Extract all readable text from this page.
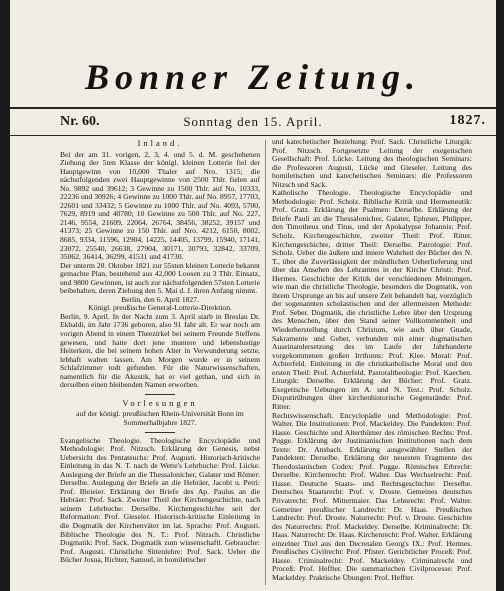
Bonner Zeitung.
Nr. 60.	Sonntag den 15. April.	1827.

Inland.

Bei der am 31. vorigen, 2, 3, 4. und 5. d. M. geschehenen Ziehung der 5ten Klasse der königl. kleinen Lotterie fiel der Hauptgewinn von 10,000 Thaler auf Nro. 1315; die nächstfolgenden zwei Hauptgewinne von 2500 Thlr. fielen auf No. 9892 und 39612; 3 Gewinne zu 1500 Thlr. auf No. 10333, 22236 und 30926; 4 Gewinne zu 1000 Thlr. auf No. 8957, 17703, 22601 und 33432; 5 Gewinne zu 1000 Thlr. auf No. 4093, 5700, 7629, 8919 und 40780; 10 Gewinne zu 500 Thlr. auf No. 227, 2146, 9554, 21609, 22064, 26764, 38456, 38252, 39157 und 41373; 25 Gewinne zu 150 Thlr. auf Nro. 4212, 6150, 8002, 8685, 9334, 11596, 12904, 14225, 14405, 13799, 15940, 17141, 23072, 25540, 26638, 27904, 30171, 30793, 32842, 33709, 35062, 36414, 36299, 41531 und 41730.

Der unterm 20. Oktober 1821 zur 55sten kleinen Lotterie bekannt gemachte Plan, bestehend aus 42,000 Loosen zu 3 Thlr. Einsatz, und 9800 Gewinnen, ist auch zur nächstfolgenden 57sten Lotterie beibehalten, deren Ziehung den 5. Mai d. J. ihren Anfang nimmt.

Berlin, den 6. April 1827.

Königl. preußische General-Lotterie-Direktion.

Berlin, 9. April. In der Nacht zum 3. April starb in Breslau Dr. Ekbaldi, im Jahr 1736 geboren, also 91 Jahr alt. Er war noch am vorigen Abend in einem Theezirkel bei seinem Freunde Steffens gewesen, und hatte dort jene muntere und lebenslustige Heiterkeit, die bei seinem hohen Alter in Verwunderung setzte, lebhaft walten lassen. Am Morgen wurde er in seinem Schlafzimmer todt gefunden. Für die Naturwissenschaften, namentlich für die Akustik, hat er viel gethan, und sich in derselben einen bleibenden Namen erworben.

Vorlesungen

auf der königl. preußischen Rhein-Universität Bonn im Sommerhalbjahre 1827.

Evangelische Theologie. Theologische Encyclopädie und Methodologie: Prof. Nitzsch. Erklärung der Genesis, nebst Uebersicht des Pentateuchs: Prof. Augusti. Historisch-kritische Einleitung in das N. T. nach de Wette's Lehrbuche: Prof. Lücke. Auslegung der Briefe an die Thessalonicher, Galater und Römer: Derselbe. Auslegung der Briefe an die Hebräer, Jacobi u. Petri: Prof. Bleieier. Erklärung der Briefe des Ap. Paulus an die Hebräer: Prof. Sack. Zweiter Theil der Kirchengeschichte, nach seinem Lehrbuche: Derselbe. Kirchengeschichte seit der Reformation: Prof. Gieseler. Historisch-kritische Einleitung in die Dogmatik der Kirchenväter im lat. Sprache: Prof. Augusti. Biblische Theologie des N. T.: Prof. Nitzsch. Christliche Dogmatik: Prof. Sack. Dogmatik zum wissenschaftl. Gebrauche: Prof. Augusti. Christliche Sittenlehre: Prof. Sack. Ueber die Bücher Josua, Richter, Samuel, in homiletischer

und katechetischer Beziehung: Prof. Sack. Christliche Liturgik: Prof. Nitzsch. Fortgesetzte Leitung der exegetischen Gesellschaft: Prof. Lücke. Leitung des theologischen Seminars: die Professoren Augusti, Lücke und Gieseler. Leitung des homiletischen und katechetischen Seminars: die Professoren Nitzsch und Sack.

Katholische Theologie. Theologische Encyclopädie und Methodologie: Prof. Scholz. Biblische Kritik und Hermeneutik: Prof. Gratz. Erklärung der Psalmen: Derselbe. Erklärung der Briefe Pauli an die Thessalonicher, Galater, Epheser, Philipper, den Timotheus und Titus, und der Apokalypse Johannis: Prof. Scholz. Kirchengeschichte, zweiter Theil: Prof. Ritter. Kirchengeschichte, dritter Theil: Derselbe. Patrologie: Prof. Scholz. Ueber die äußere und innere Wahrheit der Bücher des N. T., über die Zuverlässigkeit der mündlichen Ueberlieferung und über das Ansehen des Lehramtes in der Kirche Christi: Prof. Hermes. Geschichte der Kritik der verschiedenen Meinungen, wie man die christliche Theologie, besonders die Dogmatik, von ihrem Ursprunge an bis auf unsere Zeit behandelt hat, vorzüglich der sogenannten scholastischen und der allermeisten Methode: Prof. Seber. Dogmatik, die christliche Lehre über den Ursprung des Menschen, über den Stand seiner Vollkommenheit und Wiederherstellung durch Christum, wie auch über Gnade, Sakramente und Gebet, verbunden mit einer dogmatischen Auseinandersetzung des im Laufe der Jahrhunderte vorgekommenen großen Irrthums: Prof. Klee. Moral: Prof. Achterfeld. Einleitung in die christkatholische Moral und den ersten Theil: Prof. Achterfeld. Pastoraltheologie: Prof. Kaechen. Liturgik: Derselbe. Erklärung der Bücher: Prof. Gratz. Exegetische Uebungen im A. und N. Test.: Prof. Scholz. Disputirübungen über kirchenhistorische Gegenstände: Prof. Ritter.

Rechtswissenschaft. Encyclopädie und Methodologie: Prof. Walter. Die Institutionen: Prof. Mackeldey. Die Pandekten: Prof. Hasse. Geschichte und Alterthümer des römischen Rechts: Prof. Pugge. Erklärung der Justinianischen Institutionen nach dem Texte: Dr. Ansbach. Erklärung ausgewählter Stellen der Pandekten: Derselbe. Erklärung der neuesten Fragmente des Theodosianischen Codex: Prof. Pugge. Römisches Erbrecht: Derselbe. Kirchenrecht: Prof. Walter. Das Wechselrecht: Prof. Hasse. Deutsche Staats- und Rechtsgeschichte: Derselbe. Deutsches Staatsrecht: Prof. v. Droste. Gemeines deutsches Privatrecht: Prof. Mittermaier. Das Lehnrecht: Prof. Walter. Gemeiner preußischer Landrecht: Dr. Haas. Preußisches Landrecht: Prof. Droste. Naturrecht: Prof. v. Droste. Geschichte des Naturrechts: Prof. Mackeldey. Derselbe. Kriminalrecht: Dr. Haas. Naturrecht: Dr. Haas. Kirchenrecht: Prof. Walter. Erklärung einzelner Titel aus den Decretalen Georg's IX.: Prof. Hermes. Preußisches Civilrecht: Prof. Pfister. Gerichtlicher Proceß: Prof. Hasse. Criminalrecht: Prof. Mackeldey. Criminalrecht und Proceß: Prof. Heffter. Die summarischen Civilprocesse: Prof. Mackeldey. Praktische Übungen: Prof. Heffter.
